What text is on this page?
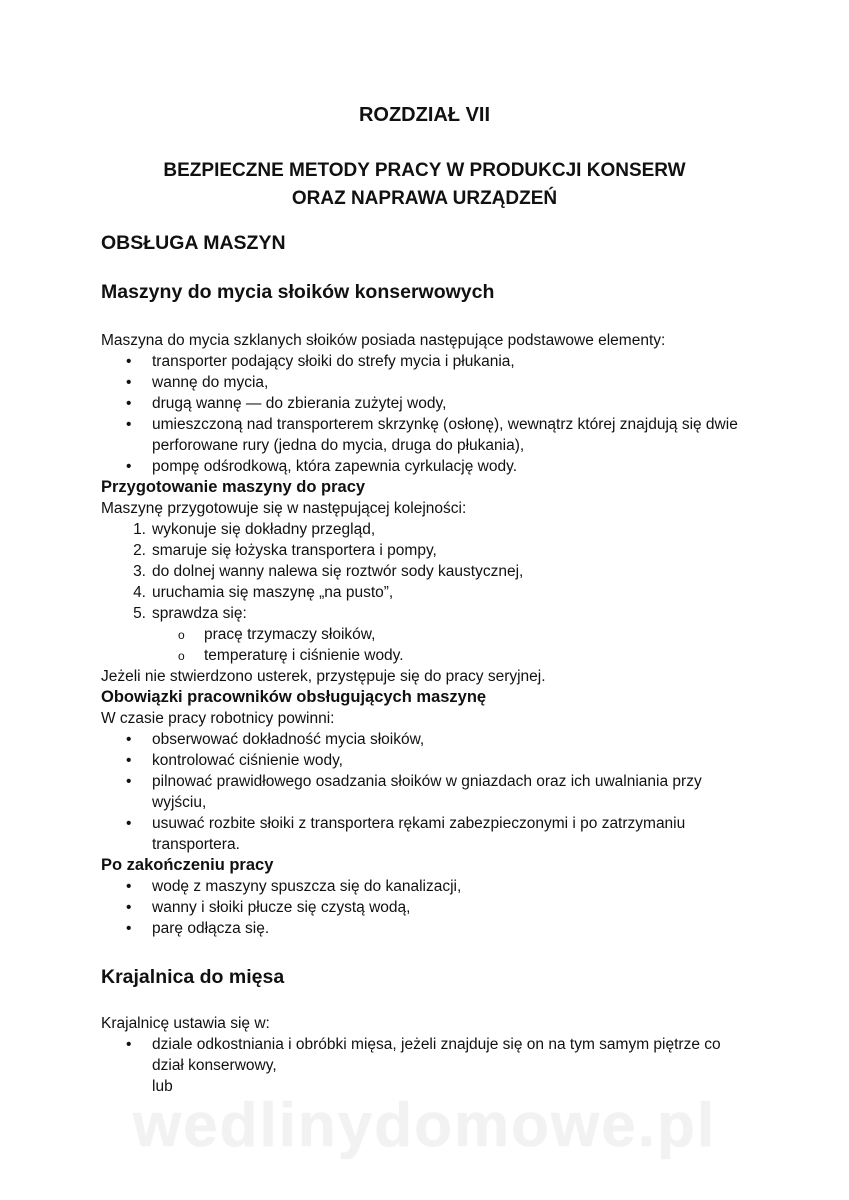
ROZDZIAŁ VII
BEZPIECZNE METODY PRACY W PRODUKCJI KONSERW
ORAZ NAPRAWA URZĄDZEŃ
OBSŁUGA MASZYN
Maszyny do mycia słoików konserwowych

Maszyna do mycia szklanych słoików posiada następujące podstawowe elementy:

• transporter podający słoiki do strefy mycia i płukania,
• wannę do mycia,
• drugą wannę — do zbierania zużytej wody,
• umieszczoną nad transporterem skrzynkę (osłonę), wewnątrz której znajdują się dwie perforowane rury (jedna do mycia, druga do płukania),
• pompę odśrodkową, która zapewnia cyrkulację wody.
Przygotowanie maszyny do pracy

Maszynę przygotowuje się w następującej kolejności:

1. wykonuje się dokładny przegląd,
2. smaruje się łożyska transportera i pompy,
3. do dolnej wanny nalewa się roztwór sody kaustycznej,
4. uruchamia się maszynę „na pusto”,
5. sprawdza się:
o pracę trzymaczy słoików,
o temperaturę i ciśnienie wody.

Jeżeli nie stwierdzono usterek, przystępuje się do pracy seryjnej.

Obowiązki pracowników obsługujących maszynę

W czasie pracy robotnicy powinni:

• obserwować dokładność mycia słoików,
• kontrolować ciśnienie wody,
• pilnować prawidłowego osadzania słoików w gniazdach oraz ich uwalniania przy wyjściu,
• usuwać rozbite słoiki z transportera rękami zabezpieczonymi i po zatrzymaniu transportera.
Po zakończeniu pracy
• wodę z maszyny spuszcza się do kanalizacji,
• wanny i słoiki płucze się czystą wodą,
• parę odłącza się.
Krajalnica do mięsa

Krajalnicę ustawia się w:

• dziale odkostniania i obróbki mięsa, jeżeli znajduje się on na tym samym piętrze co dział konserwowy,
lub
wedlinydomowe.pl
